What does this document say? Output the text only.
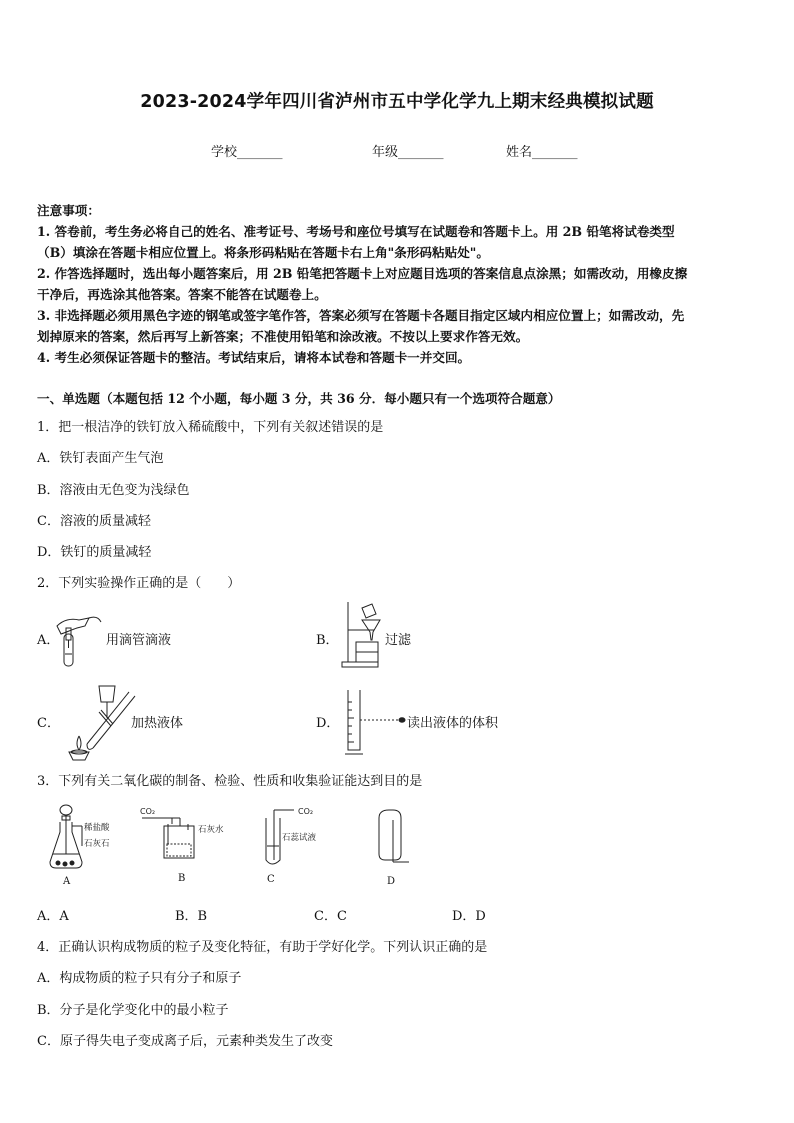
2023-2024学年四川省泸州市五中学化学九上期末经典模拟试题
学校_______	年级_______	姓名_______
注意事项：
1. 答卷前，考生务必将自己的姓名、准考证号、考场号和座位号填写在试题卷和答题卡上。用 2B 铅笔将试卷类型
（B）填涂在答题卡相应位置上。将条形码粘贴在答题卡右上角"条形码粘贴处"。
2. 作答选择题时，选出每小题答案后，用 2B 铅笔把答题卡上对应题目选项的答案信息点涂黑；如需改动，用橡皮擦
干净后，再选涂其他答案。答案不能答在试题卷上。
3. 非选择题必须用黑色字迹的钢笔或签字笔作答，答案必须写在答题卡各题目指定区域内相应位置上；如需改动，先
划掉原来的答案，然后再写上新答案；不准使用铅笔和涂改液。不按以上要求作答无效。
4. 考生必须保证答题卡的整洁。考试结束后，请将本试卷和答题卡一并交回。
一、单选题（本题包括 12 个小题，每小题 3 分，共 36 分．每小题只有一个选项符合题意）
1．把一根洁净的铁钉放入稀硫酸中，下列有关叙述错误的是
A．铁钉表面产生气泡
B．溶液由无色变为浅绿色
C．溶液的质量减轻
D．铁钉的质量减轻
2．下列实验操作正确的是（　　）
A．	用滴管滴液	B．	过滤
C．	加热液体	D．	读出液体的体积
3．下列有关二氧化碳的制备、检验、性质和收集验证能达到目的是
稀盐酸
石灰石
A
CO₂
石灰水
B
CO₂
石蕊试液
C	D
A．A	B．B	C．C	D．D
4．正确认识构成物质的粒子及变化特征，有助于学好化学。下列认识正确的是
A．构成物质的粒子只有分子和原子
B．分子是化学变化中的最小粒子
C．原子得失电子变成离子后，元素种类发生了改变
